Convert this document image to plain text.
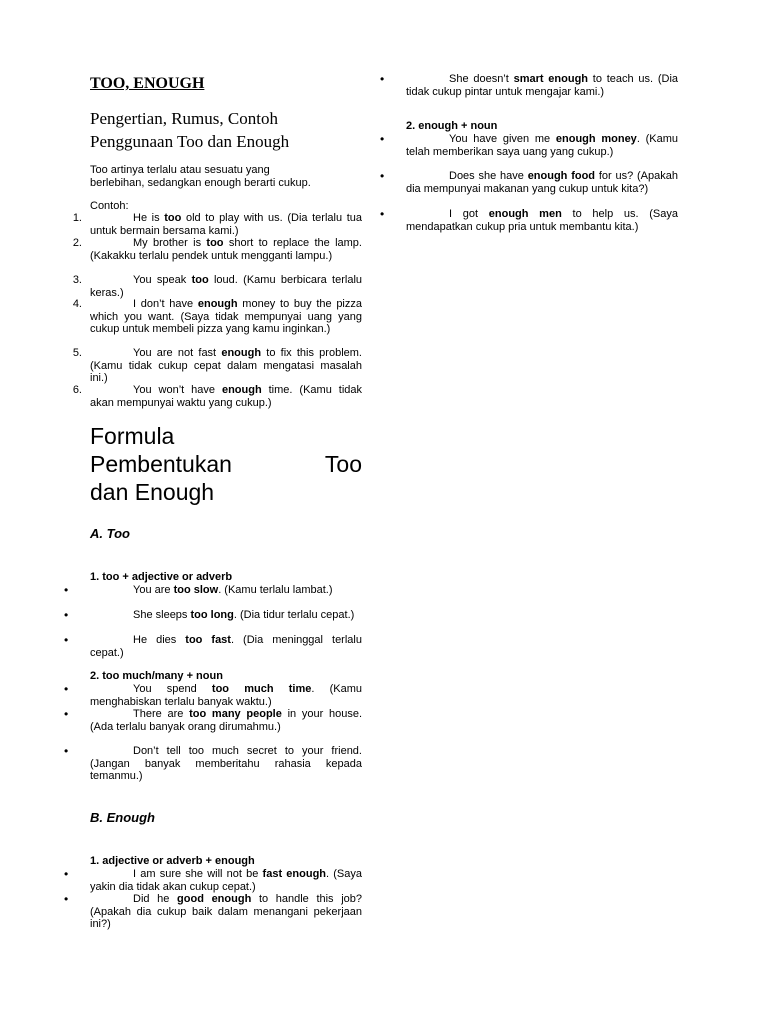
TOO, ENOUGH
Pengertian, Rumus, Contoh
Penggunaan Too dan Enough
Too artinya terlalu atau sesuatu yang
berlebihan, sedangkan enough berarti cukup.
Contoh:
1.	He is too old to play with us. (Dia terlalu tua untuk bermain bersama kami.)
2.	My brother is too short to replace the lamp. (Kakakku terlalu pendek untuk mengganti lampu.)
3.	You speak too loud. (Kamu berbicara terlalu keras.)
4.	I don’t have enough money to buy the pizza which you want. (Saya tidak mempunyai uang yang cukup untuk membeli pizza yang kamu inginkan.)
5.	You are not fast enough to fix this problem. (Kamu tidak cukup cepat dalam mengatasi masalah ini.)
6.	You won’t have enough time. (Kamu tidak akan mempunyai waktu yang cukup.)
Formula
Pembentukan	Too
dan Enough
A. Too
1. too + adjective or adverb
•	You are too slow. (Kamu terlalu lambat.)
•	She sleeps too long. (Dia tidur terlalu cepat.)
•	He dies too fast. (Dia meninggal terlalu cepat.)
2. too much/many + noun
•	You spend too much time. (Kamu menghabiskan terlalu banyak waktu.)
•	There are too many people in your house. (Ada terlalu banyak orang dirumahmu.)
•	Don’t tell too much secret to your friend. (Jangan banyak memberitahu rahasia kepada temanmu.)
B. Enough
1. adjective or adverb + enough
•	I am sure she will not be fast enough. (Saya yakin dia tidak akan cukup cepat.)
•	Did he good enough to handle this job? (Apakah dia cukup baik dalam menangani pekerjaan ini?)
•	She doesn’t smart enough to teach us. (Dia tidak cukup pintar untuk mengajar kami.)
2. enough + noun
•	You have given me enough money. (Kamu telah memberikan saya uang yang cukup.)
•	Does she have enough food for us? (Apakah dia mempunyai makanan yang cukup untuk kita?)
•	I got enough men to help us. (Saya mendapatkan cukup pria untuk membantu kita.)
